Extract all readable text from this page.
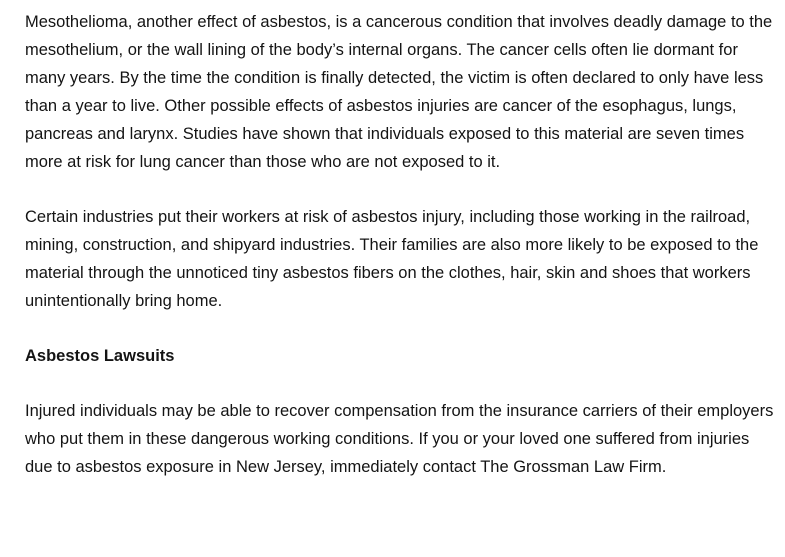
Mesothelioma, another effect of asbestos, is a cancerous condition that involves deadly damage to the mesothelium, or the wall lining of the body’s internal organs. The cancer cells often lie dormant for many years. By the time the condition is finally detected, the victim is often declared to only have less than a year to live. Other possible effects of asbestos injuries are cancer of the esophagus, lungs, pancreas and larynx. Studies have shown that individuals exposed to this material are seven times more at risk for lung cancer than those who are not exposed to it.

Certain industries put their workers at risk of asbestos injury, including those working in the railroad, mining, construction, and shipyard industries. Their families are also more likely to be exposed to the material through the unnoticed tiny asbestos fibers on the clothes, hair, skin and shoes that workers unintentionally bring home.

Asbestos Lawsuits

Injured individuals may be able to recover compensation from the insurance carriers of their employers who put them in these dangerous working conditions. If you or your loved one suffered from injuries due to asbestos exposure in New Jersey, immediately contact The Grossman Law Firm.
